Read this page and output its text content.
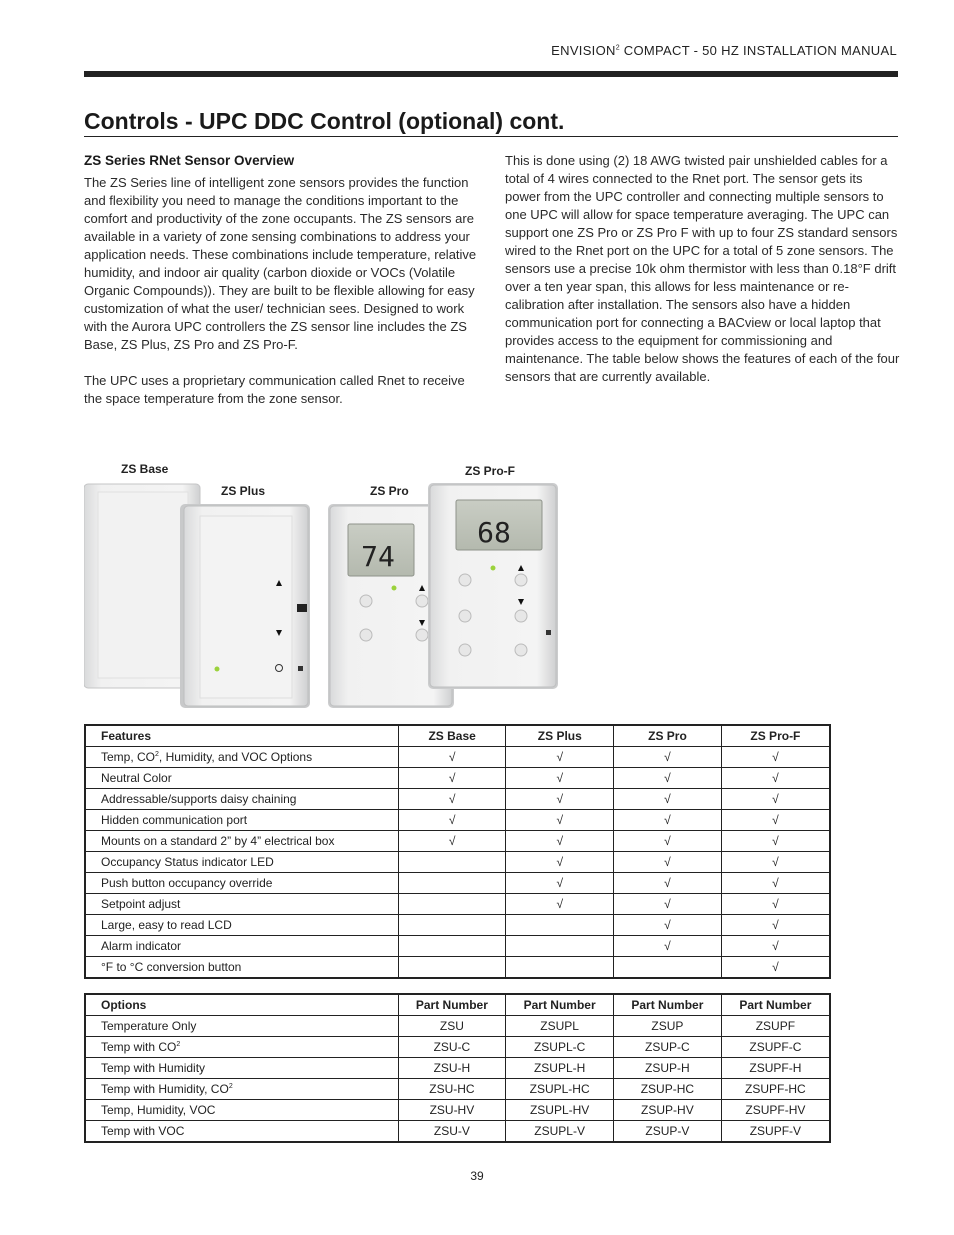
ENVISION$^2$ COMPACT - 50 HZ INSTALLATION MANUAL
Controls - UPC DDC Control (optional) cont.
ZS Series RNet Sensor Overview

The ZS Series line of intelligent zone sensors provides the function and flexibility you need to manage the conditions important to the comfort and productivity of the zone occupants. The ZS sensors are available in a variety of zone sensing combinations to address your application needs. These combinations include temperature, relative humidity, and indoor air quality (carbon dioxide or VOCs (Volatile Organic Compounds)). They are built to be flexible allowing for easy customization of what the user/ technician sees. Designed to work with the Aurora UPC controllers the ZS sensor line includes the ZS Base, ZS Plus, ZS Pro and ZS Pro-F.

The UPC uses a proprietary communication called Rnet to receive the space temperature from the zone sensor.

This is done using (2) 18 AWG twisted pair unshielded cables for a total of 4 wires connected to the Rnet port. The sensor gets its power from the UPC controller and connecting multiple sensors to one UPC will allow for space temperature averaging. The UPC can support one ZS Pro or ZS Pro F with up to four ZS standard sensors wired to the Rnet port on the UPC for a total of 5 zone sensors. The sensors use a precise 10k ohm thermistor with less than 0.18°F drift over a ten year span, this allows for less maintenance or re-calibration after installation. The sensors also have a hidden communication port for connecting a BACview or local laptop that provides access to the equipment for commissioning and maintenance. The table below shows the features of each of the four sensors that are currently available.

ZS Base
ZS Plus	ZS Pro
ZS Pro-F
74
68
Features	ZS Base	ZS Plus	ZS Pro	ZS Pro-F
Temp, $CO^2$, Humidity, and VOC Options	√	√	√	√
Neutral Color	√	√	√	√
Addressable/supports daisy chaining	√	√	√	√
Hidden communication port	√	√	√	√
Mounts on a standard 2” by 4” electrical box	√	√	√	√
Occupancy Status indicator LED		√	√	√
Push button occupancy override		√	√	√
Setpoint adjust		√	√	√
Large, easy to read LCD			√	√
Alarm indicator			√	√
°F to °C conversion button				√
Options	Part Number	Part Number	Part Number	Part Number
Temperature Only	ZSU	ZSUPL	ZSUP	ZSUPF
Temp with $CO^2$	ZSU-C	ZSUPL-C	ZSUP-C	ZSUPF-C
Temp with Humidity	ZSU-H	ZSUPL-H	ZSUP-H	ZSUPF-H
Temp with Humidity, $CO^2$	ZSU-HC	ZSUPL-HC	ZSUP-HC	ZSUPF-HC
Temp, Humidity, VOC	ZSU-HV	ZSUPL-HV	ZSUP-HV	ZSUPF-HV
Temp with VOC	ZSU-V	ZSUPL-V	ZSUP-V	ZSUPF-V
39
